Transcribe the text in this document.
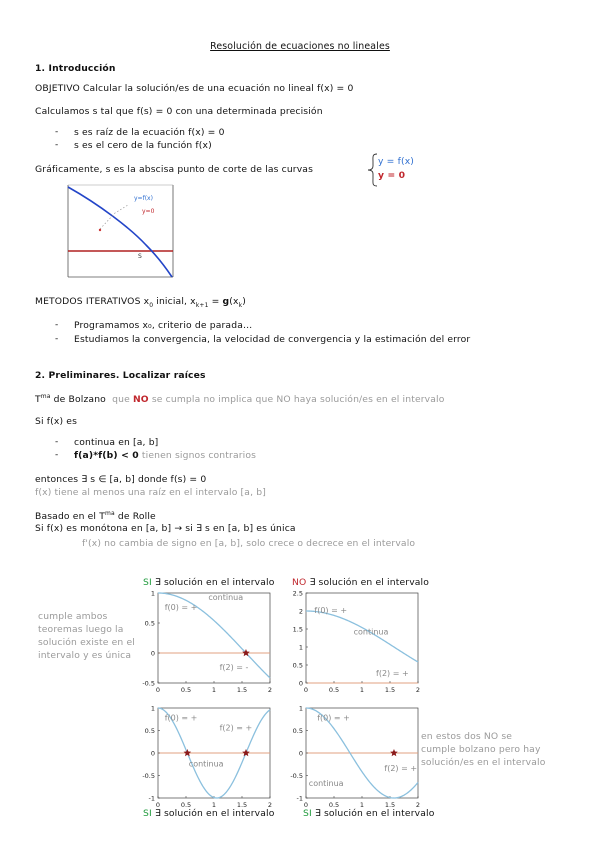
Resolución de ecuaciones no lineales
1. Introducción
OBJETIVO Calcular la solución/es de una ecuación no lineal f(x) = 0
Calculamos s tal que f(s) = 0 con una determinada precisión
- s es raíz de la ecuación f(x) = 0
- s es el cero de la función f(x)
Gráficamente, s es la abscisa punto de corte de las curvas
y = f(x)
y = 0
y=f(x)
y=0
S
METODOS ITERATIVOS $x_0$ inicial, $x_{k+1} = g(x_k)$
- Programamos x₀, criterio de parada…
- Estudiamos la convergencia, la velocidad de convergencia y la estimación del error
2. Preliminares. Localizar raíces
$T^{ma}$ de Bolzano que NO se cumpla no implica que NO haya solución/es en el intervalo
Si f(x) es
- continua en [a, b]
- f(a)*f(b) < 0 tienen signos contrarios
entonces ∃ s ∈ [a, b] donde f(s) = 0
f(x) tiene al menos una raíz en el intervalo [a, b]
Basado en el $T^{ma}$ de Rolle
Si f(x) es monótona en [a, b] → si ∃ s en [a, b] es única
f'(x) no cambia de signo en [a, b], solo crece o decrece en el intervalo
SI ∃ solución en el intervalo NO ∃ solución en el intervalo
SI ∃ solución en el intervalo	SI ∃ solución en el intervalo
cumple ambos
teoremas luego la
solución existe en el
intervalo y es única
en estos dos NO se
cumple bolzano pero hay
solución/es en el intervalo
0	0.5	1	1.5	2
1
0.5
0
-0.5
f(0) = +
continua
f(2) = -
0	0.5	1	1.5	2
2.5
2
1.5
1
0.5
0
f(0) = +
continua
f(2) = +
0	0.5	1	1.5	2
1
0.5
0
-0.5
-1
f(0) = +
f(2) = +
continua
0	0.5	1	1.5	2
1
0.5
0
-0.5
-1
f(0) = +
continua
f(2) = +
